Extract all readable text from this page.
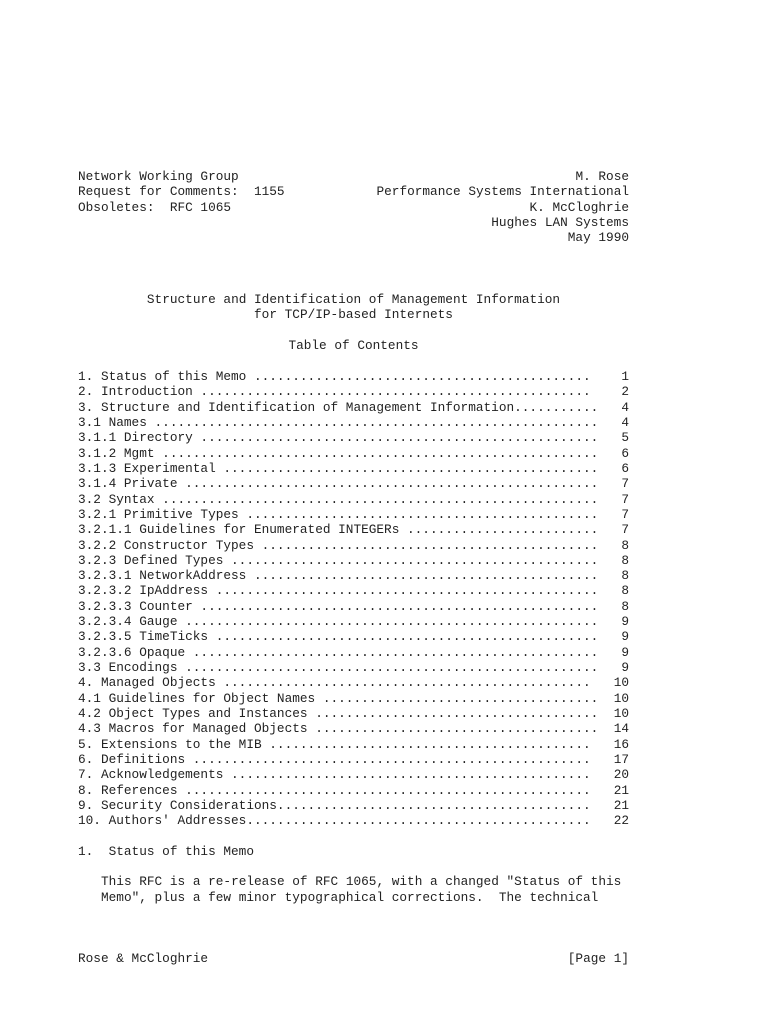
Network Working Group
Request for Comments:  1155
Obsoletes:  RFC 1065
M. Rose
Performance Systems International
K. McCloghrie
Hughes LAN Systems
May 1990
Structure and Identification of Management Information
for TCP/IP-based Internets
Table of Contents
1. Status of this Memo ............................................ 1
2. Introduction ................................................... 2
3. Structure and Identification of Management Information........... 4
3.1 Names .......................................................... 4
3.1.1 Directory .................................................... 5
3.1.2 Mgmt ......................................................... 6
3.1.3 Experimental ................................................. 6
3.1.4 Private ...................................................... 7
3.2 Syntax ......................................................... 7
3.2.1 Primitive Types .............................................. 7
3.2.1.1 Guidelines for Enumerated INTEGERs ......................... 7
3.2.2 Constructor Types ............................................ 8
3.2.3 Defined Types ................................................ 8
3.2.3.1 NetworkAddress ............................................. 8
3.2.3.2 IpAddress .................................................. 8
3.2.3.3 Counter .................................................... 8
3.2.3.4 Gauge ...................................................... 9
3.2.3.5 TimeTicks .................................................. 9
3.2.3.6 Opaque ..................................................... 9
3.3 Encodings ...................................................... 9
4. Managed Objects ................................................ 10
4.1 Guidelines for Object Names .................................... 10
4.2 Object Types and Instances ..................................... 10
4.3 Macros for Managed Objects ..................................... 14
5. Extensions to the MIB .......................................... 16
6. Definitions .................................................... 17
7. Acknowledgements ............................................... 20
8. References ..................................................... 21
9. Security Considerations......................................... 21
10. Authors' Addresses............................................. 22
1.  Status of this Memo
This RFC is a re-release of RFC 1065, with a changed "Status of this
Memo", plus a few minor typographical corrections.  The technical
Rose & McCloghrie	[Page 1]
